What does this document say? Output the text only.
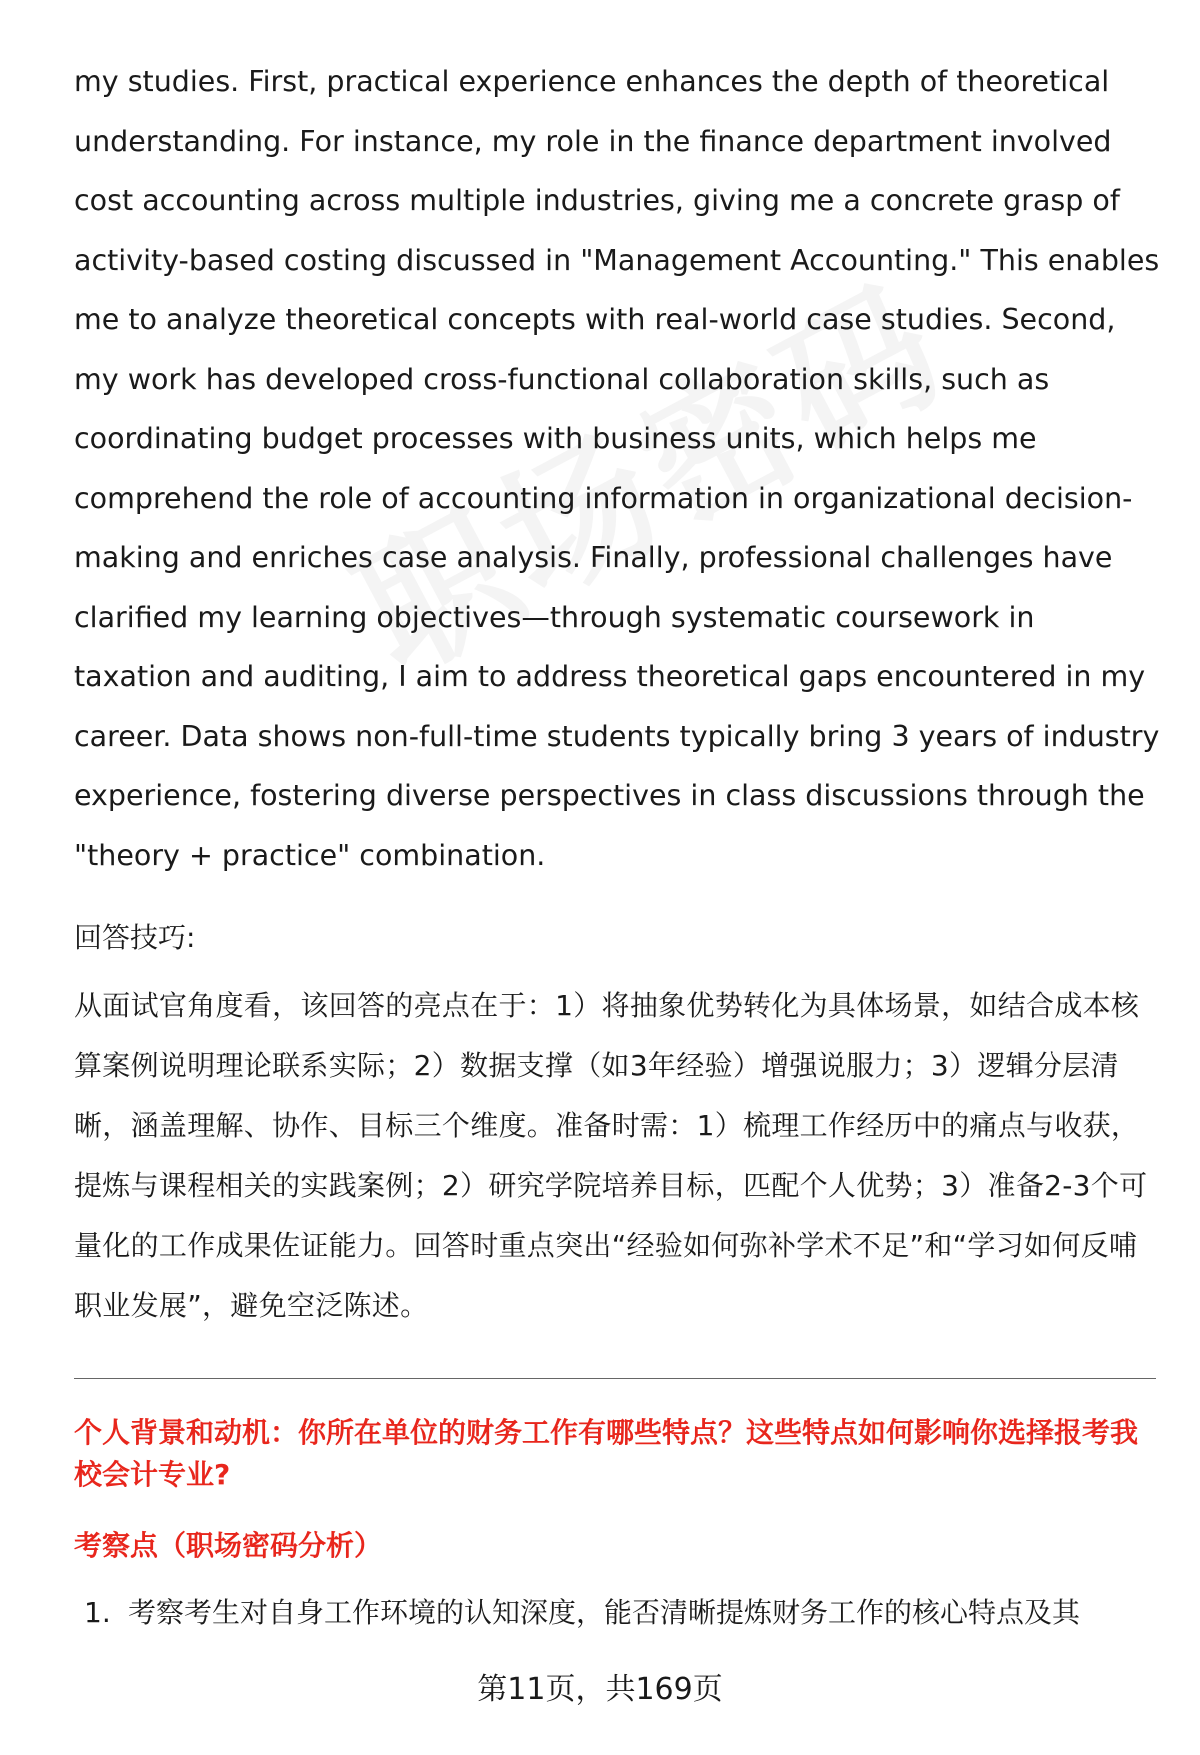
my studies. First, practical experience enhances the depth of theoretical understanding. For instance, my role in the finance department involved cost accounting across multiple industries, giving me a concrete grasp of activity-based costing discussed in "Management Accounting." This enables me to analyze theoretical concepts with real-world case studies. Second, my work has developed cross-functional collaboration skills, such as coordinating budget processes with business units, which helps me comprehend the role of accounting information in organizational decision-making and enriches case analysis. Finally, professional challenges have clarified my learning objectives—through systematic coursework in taxation and auditing, I aim to address theoretical gaps encountered in my career. Data shows non-full-time students typically bring 3 years of industry experience, fostering diverse perspectives in class discussions through the "theory + practice" combination.

回答技巧:

从面试官角度看，该回答的亮点在于：1）将抽象优势转化为具体场景，如结合成本核算案例说明理论联系实际；2）数据支撑（如3年经验）增强说服力；3）逻辑分层清晰，涵盖理解、协作、目标三个维度。准备时需：1）梳理工作经历中的痛点与收获，提炼与课程相关的实践案例；2）研究学院培养目标，匹配个人优势；3）准备2-3个可量化的工作成果佐证能力。回答时重点突出“经验如何弥补学术不足”和“学习如何反哺职业发展”，避免空泛陈述。

个人背景和动机：你所在单位的财务工作有哪些特点？这些特点如何影响你选择报考我校会计专业?

考察点（职场密码分析）

1. 考察考生对自身工作环境的认知深度，能否清晰提炼财务工作的核心特点及其

第11页，共169页
